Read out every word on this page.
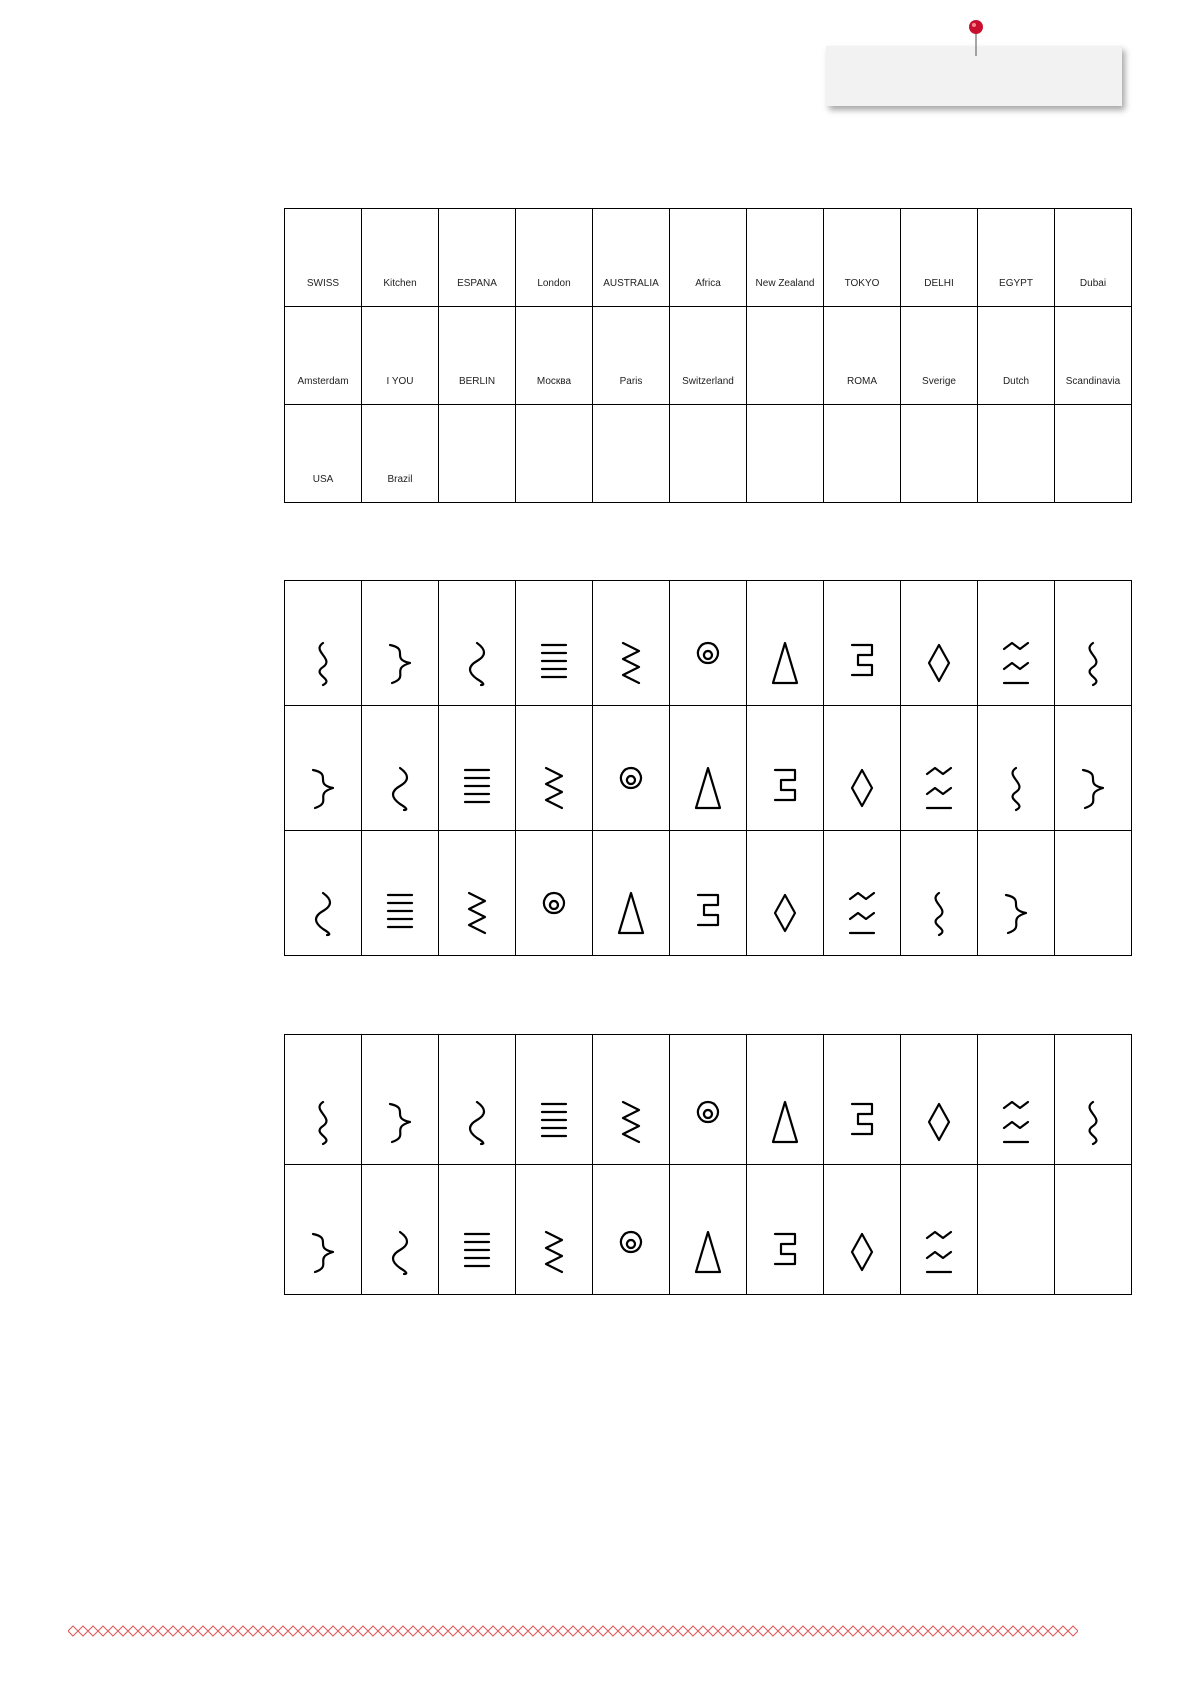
SWISS	Kitchen	ESPAÑA	London	AUSTRALIA	Africa	New Zealand	TOKYO	DELHI	EGYPT	Dubai

Amsterdam	I YOU	BERLIN	Москва	Paris	Switzerland		ROMA	Sverige	Dutch	Scandinavia

USA	Brazil									
